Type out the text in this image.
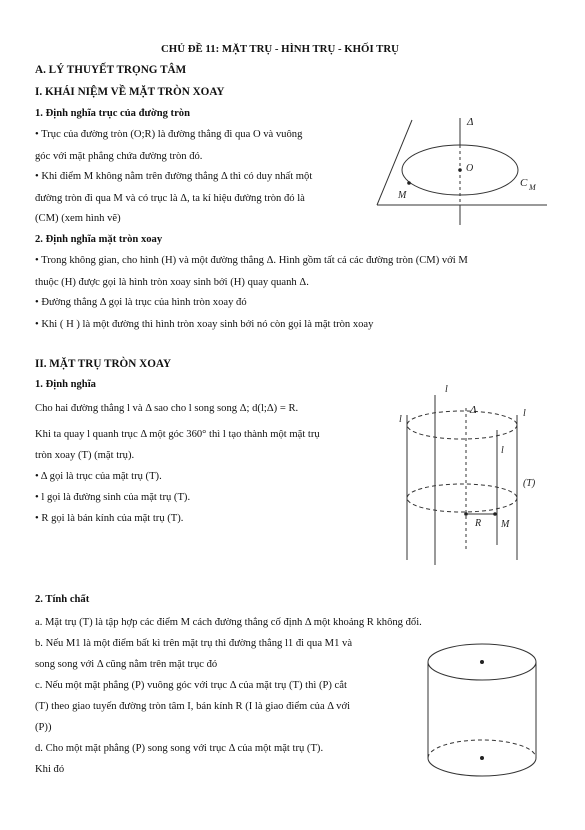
CHỦ ĐỀ 11: MẶT TRỤ - HÌNH TRỤ - KHỐI TRỤ
A. LÝ THUYẾT TRỌNG TÂM
I. KHÁI NIỆM VỀ MẶT TRÒN XOAY
1. Định nghĩa trục của đường tròn
• Trục của đường tròn (O;R) là đường thẳng đi qua O và vuông
góc với mặt phẳng chứa đường tròn đó.
• Khi điểm M không nằm trên đường thẳng Δ thì có duy nhất một
đường tròn đi qua M và có trục là Δ, ta kí hiệu đường tròn đó là
(CM) (xem hình vẽ)
2. Định nghĩa mặt tròn xoay
• Trong không gian, cho hình (H) và một đường thẳng Δ. Hình gồm tất cả các đường tròn (CM) với M
thuộc (H) được gọi là hình tròn xoay sinh bởi (H) quay quanh Δ.
• Đường thẳng Δ gọi là trục của hình tròn xoay đó
• Khi ( H ) là một đường thì hình tròn xoay sinh bởi nó còn gọi là mặt tròn xoay
Δ
O
M
C M
II. MẶT TRỤ TRÒN XOAY
1. Định nghĩa
Cho hai đường thẳng l và Δ sao cho l song song Δ; d(l;Δ) = R.
Khi ta quay l quanh trục Δ một góc 360° thì l tạo thành một mặt trụ
tròn xoay (T) (mặt trụ).
• Δ gọi là trục của mặt trụ (T).
• l gọi là đường sinh của mặt trụ (T).
• R gọi là bán kính của mặt trụ (T).
l
l
l
l
Δ
(T)
R M
2. Tính chất
a. Mặt trụ (T) là tập hợp các điểm M cách đường thẳng cố định Δ một khoảng R không đổi.
b. Nếu M1 là một điểm bất kì trên mặt trụ thì đường thẳng l1 đi qua M1 và
song song với Δ cũng nằm trên mặt trục đó
c. Nếu một mặt phẳng (P) vuông góc với trục Δ của mặt trụ (T) thì (P) cắt
(T) theo giao tuyến đường tròn tâm I, bán kính R (I là giao điểm của Δ với
(P))
d. Cho một mặt phẳng (P) song song với trục Δ của một mặt trụ (T).
Khi đó
